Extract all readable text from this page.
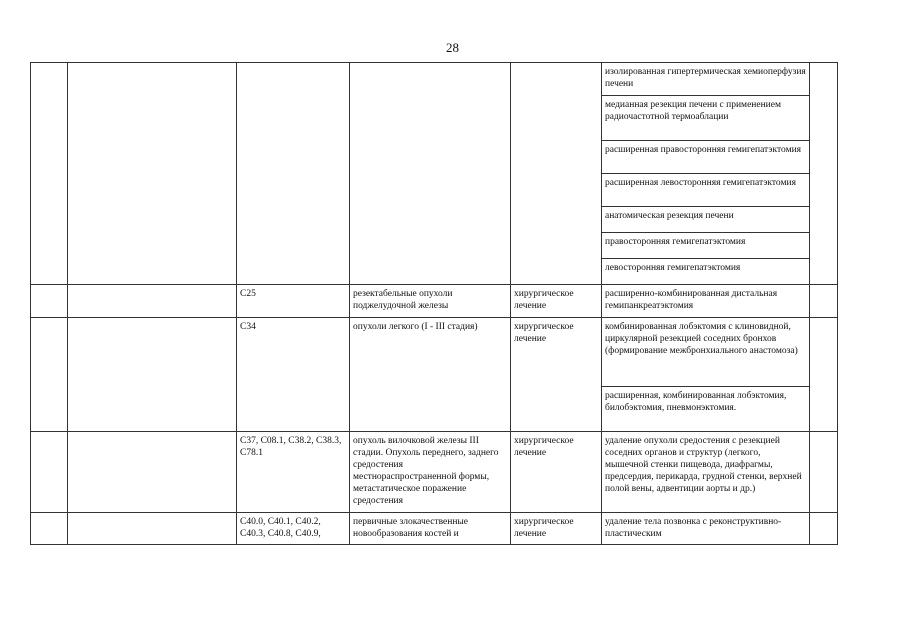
28
					изолированная гипертермическая хемиоперфузия печени	
					медианная резекция печени с применением радиочастотной термоаблации	
					расширенная правосторонняя гемигепатэктомия	
					расширенная левосторонняя гемигепатэктомия	
					анатомическая резекция печени	
					правосторонняя гемигепатэктомия	
					левосторонняя гемигепатэктомия	
		C25	резектабельные опухоли поджелудочной железы	хирургическое лечение	расширенно-комбинированная дистальная гемипанкреатэктомия	
		C34	опухоли легкого (I - III стадия)	хирургическое лечение	комбинированная лобэктомия с клиновидной, циркулярной резекцией соседних бронхов (формирование межбронхиального анастомоза)	
					расширенная, комбинированная лобэктомия, билобэктомия, пневмонэктомия.	
		C37, C08.1, C38.2, C38.3, C78.1	опухоль вилочковой железы III стадии. Опухоль переднего, заднего средостения местнораспространенной формы, метастатическое поражение средостения	хирургическое лечение	удаление опухоли средостения с резекцией соседних органов и структур (легкого, мышечной стенки пищевода, диафрагмы, предсердия, перикарда, грудной стенки, верхней полой вены, адвентиции аорты и др.)	
		C40.0, C40.1, C40.2, C40.3, C40.8, C40.9,	первичные злокачественные новообразования костей и	хирургическое лечение	удаление тела позвонка с реконструктивно-пластическим	
